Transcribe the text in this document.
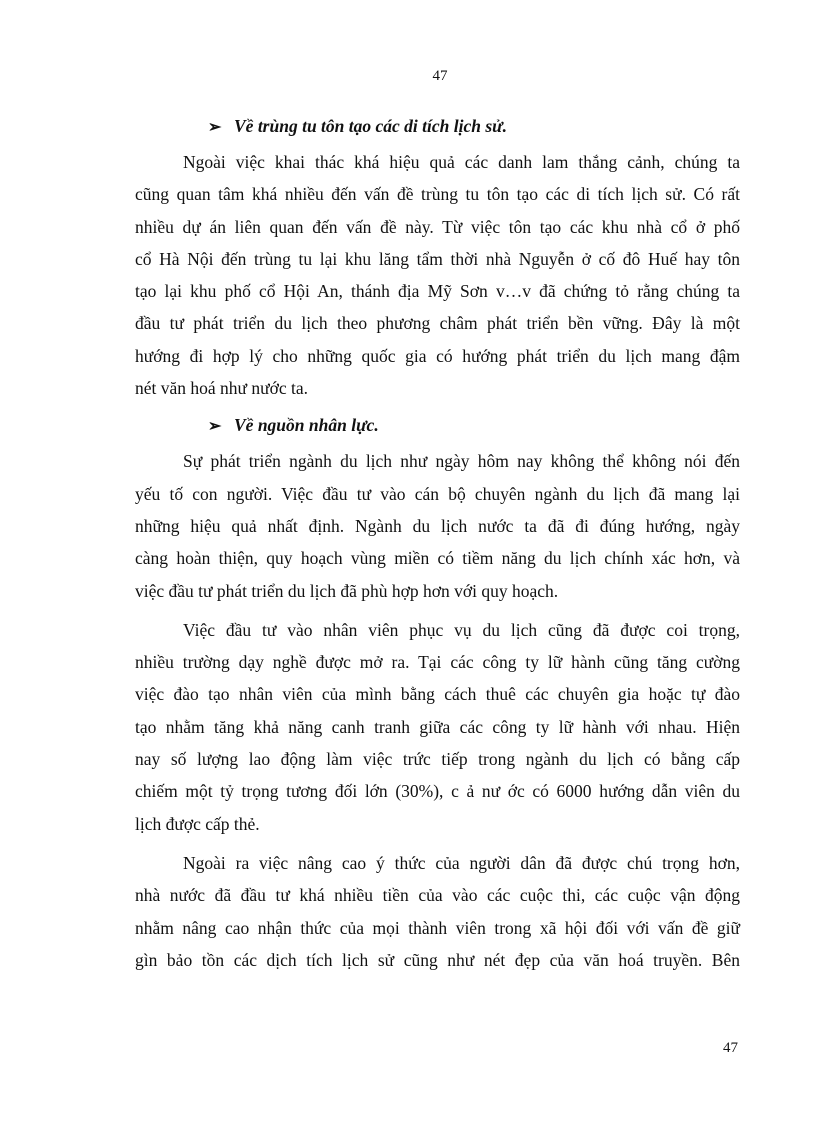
47
➢ Về trùng tu tôn tạo các di tích lịch sử.

Ngoài việc khai thác khá hiệu quả các danh lam thắng cảnh, chúng ta
cũng quan tâm khá nhiều đến vấn đề trùng tu tôn tạo các di tích lịch sử. Có rất
nhiều dự án liên quan đến vấn đề này. Từ việc tôn tạo các khu nhà cổ ở phố
cổ Hà Nội đến trùng tu lại khu lăng tẩm thời nhà Nguyễn ở cố đô Huế hay tôn
tạo lại khu phố cổ Hội An, thánh địa Mỹ Sơn v…v đã chứng tỏ rằng chúng ta
đầu tư phát triển du lịch theo phương châm phát triển bền vững. Đây là một
hướng đi hợp lý cho những quốc gia có hướng phát triển du lịch mang đậm
nét văn hoá như nước ta.

➢ Về nguồn nhân lực.

Sự phát triển ngành du lịch như ngày hôm nay không thể không nói đến
yếu tố con người. Việc đầu tư vào cán bộ chuyên ngành du lịch đã mang lại
những hiệu quả nhất định. Ngành du lịch nước ta đã đi đúng hướng, ngày
càng hoàn thiện, quy hoạch vùng miền có tiềm năng du lịch chính xác hơn, và
việc đầu tư phát triển du lịch đã phù hợp hơn với quy hoạch.

Việc đầu tư vào nhân viên phục vụ du lịch cũng đã được coi trọng,
nhiều trường dạy nghề được mở ra. Tại các công ty lữ hành cũng tăng cường
việc đào tạo nhân viên của mình bằng cách thuê các chuyên gia hoặc tự đào
tạo nhằm tăng khả năng canh tranh giữa các công ty lữ hành với nhau. Hiện
nay số lượng lao động làm việc trức tiếp trong ngành du lịch có bằng cấp
chiếm một tỷ trọng tương đối lớn (30%), c ả nư ớc có 6000 hướng dẫn viên du
lịch được cấp thẻ.

Ngoài ra việc nâng cao ý thức của người dân đã được chú trọng hơn,
nhà nước đã đầu tư khá nhiều tiền của vào các cuộc thi, các cuộc vận động
nhằm nâng cao nhận thức của mọi thành viên trong xã hội đối với vấn đề giữ
gìn bảo tồn các dịch tích lịch sử cũng như nét đẹp của văn hoá truyền. Bên

47
